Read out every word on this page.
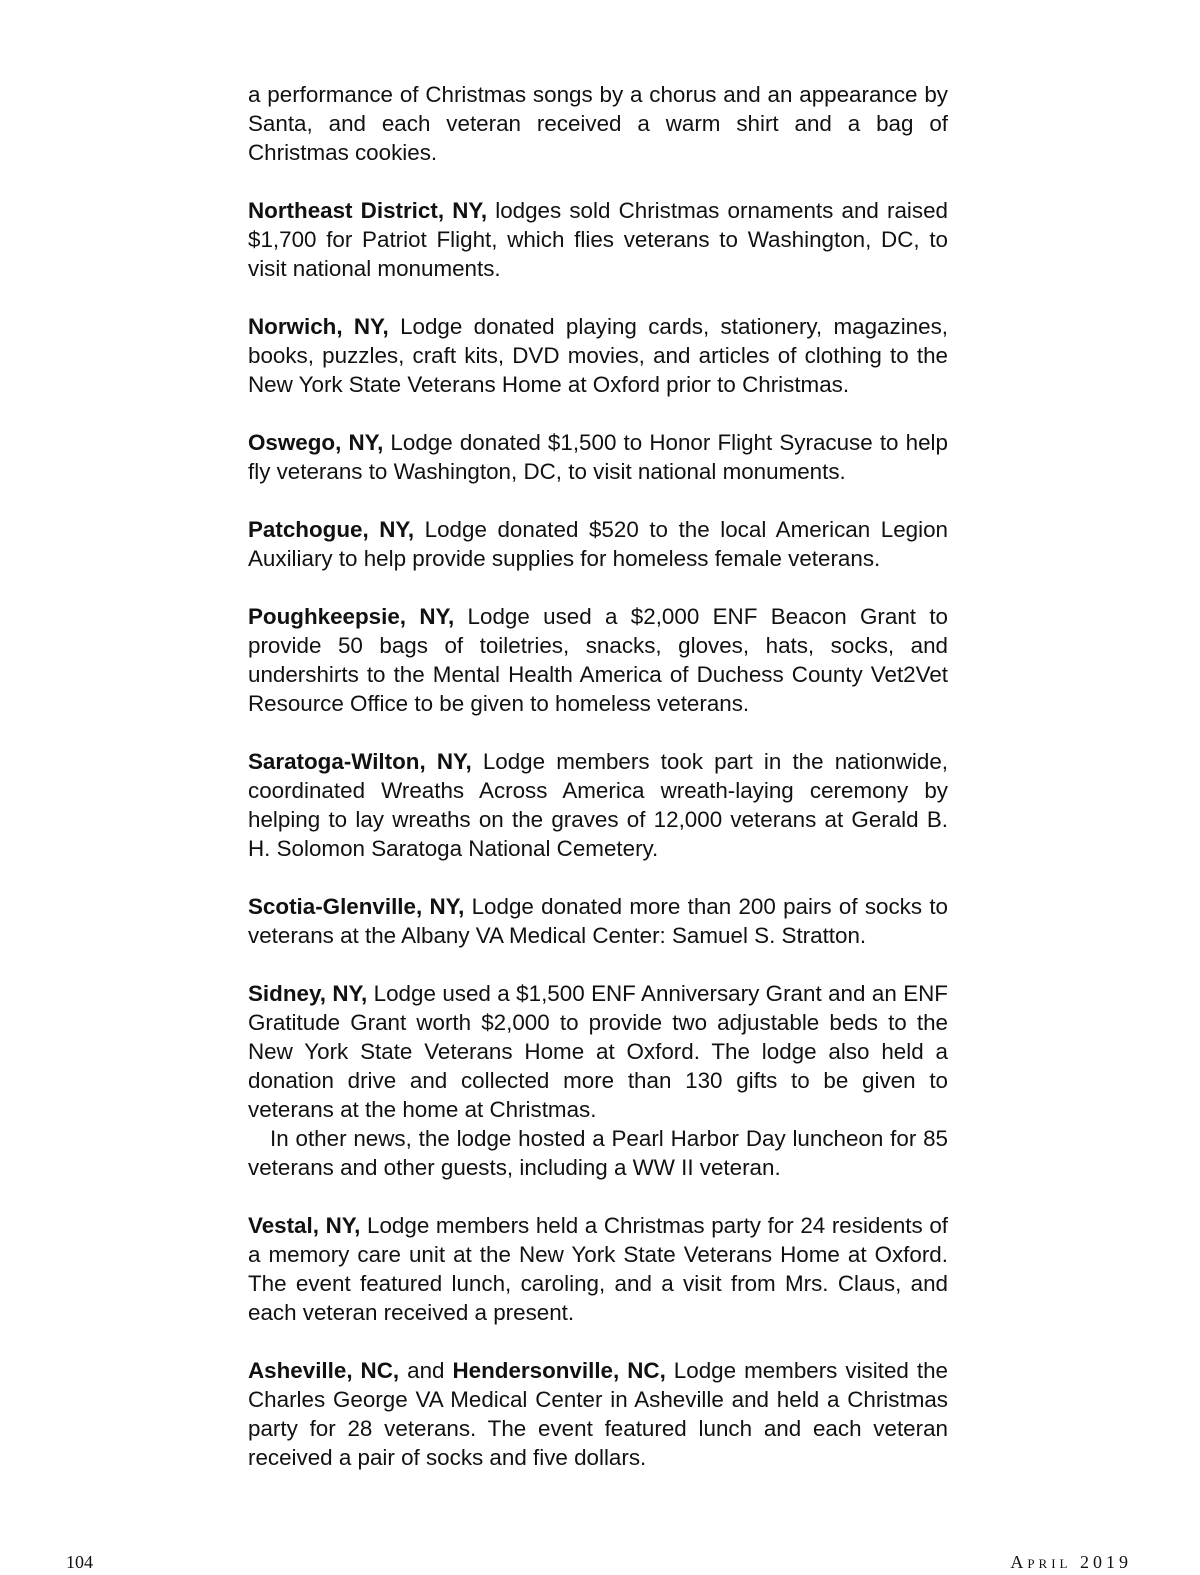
a performance of Christmas songs by a chorus and an appearance by Santa, and each veteran received a warm shirt and a bag of Christmas cookies.

Northeast District, NY, lodges sold Christmas ornaments and raised $1,700 for Patriot Flight, which flies veterans to Washington, DC, to visit national monuments.

Norwich, NY, Lodge donated playing cards, stationery, magazines, books, puzzles, craft kits, DVD movies, and articles of clothing to the New York State Veterans Home at Oxford prior to Christmas.

Oswego, NY, Lodge donated $1,500 to Honor Flight Syracuse to help fly veterans to Washington, DC, to visit national monuments.

Patchogue, NY, Lodge donated $520 to the local American Legion Auxiliary to help provide supplies for homeless female veterans.

Poughkeepsie, NY, Lodge used a $2,000 ENF Beacon Grant to provide 50 bags of toiletries, snacks, gloves, hats, socks, and undershirts to the Mental Health America of Duchess County Vet2Vet Resource Office to be given to homeless veterans.

Saratoga-Wilton, NY, Lodge members took part in the nationwide, coordinated Wreaths Across America wreath-laying ceremony by helping to lay wreaths on the graves of 12,000 veterans at Gerald B. H. Solomon Saratoga National Cemetery.

Scotia-Glenville, NY, Lodge donated more than 200 pairs of socks to veterans at the Albany VA Medical Center: Samuel S. Stratton.

Sidney, NY, Lodge used a $1,500 ENF Anniversary Grant and an ENF Gratitude Grant worth $2,000 to provide two adjustable beds to the New York State Veterans Home at Oxford. The lodge also held a donation drive and collected more than 130 gifts to be given to veterans at the home at Christmas.

In other news, the lodge hosted a Pearl Harbor Day luncheon for 85 veterans and other guests, including a WW II veteran.

Vestal, NY, Lodge members held a Christmas party for 24 residents of a memory care unit at the New York State Veterans Home at Oxford. The event featured lunch, caroling, and a visit from Mrs. Claus, and each veteran received a present.

Asheville, NC, and Hendersonville, NC, Lodge members visited the Charles George VA Medical Center in Asheville and held a Christmas party for 28 veterans. The event featured lunch and each veteran received a pair of socks and five dollars.

104	April 2019
